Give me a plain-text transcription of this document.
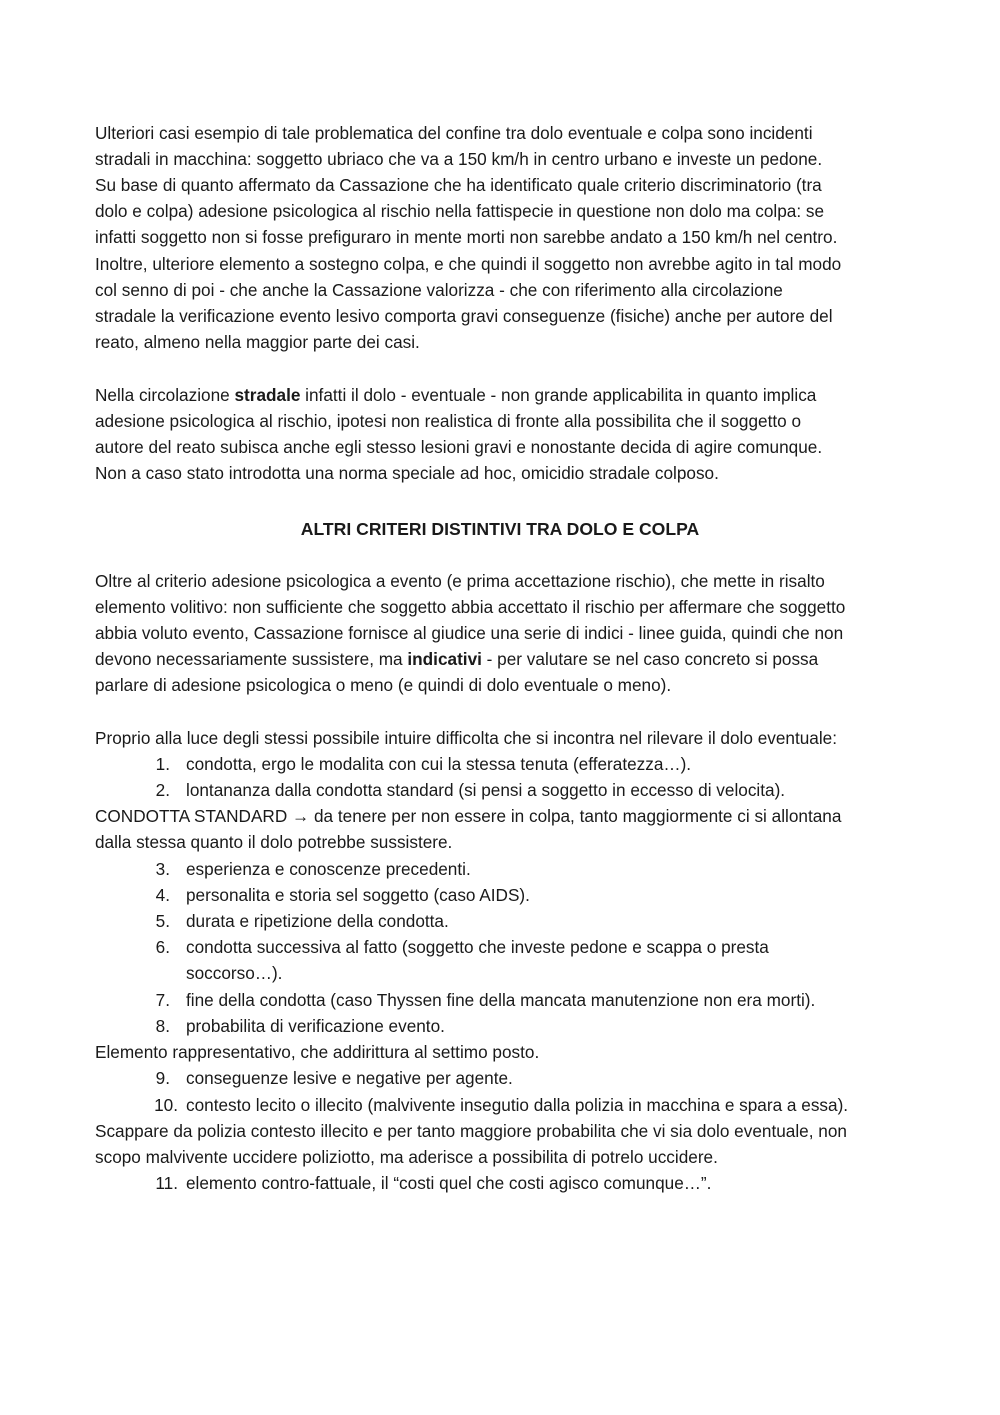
Ulteriori casi esempio di tale problematica del confine tra dolo eventuale e colpa sono incidenti
stradali in macchina: soggetto ubriaco che va a 150 km/h in centro urbano e investe un pedone.
Su base di quanto affermato da Cassazione che ha identificato quale criterio discriminatorio (tra
dolo e colpa) adesione psicologica al rischio nella fattispecie in questione non dolo ma colpa: se
infatti soggetto non si fosse prefiguraro in mente morti non sarebbe andato a 150 km/h nel centro.
Inoltre, ulteriore elemento a sostegno colpa, e che quindi il soggetto non avrebbe agito in tal modo
col senno di poi - che anche la Cassazione valorizza - che con riferimento alla circolazione
stradale la verificazione evento lesivo comporta gravi conseguenze (fisiche) anche per autore del
reato, almeno nella maggior parte dei casi.
Nella circolazione stradale infatti il dolo - eventuale - non grande applicabilita in quanto implica
adesione psicologica al rischio, ipotesi non realistica di fronte alla possibilita che il soggetto o
autore del reato subisca anche egli stesso lesioni gravi e nonostante decida di agire comunque.
Non a caso stato introdotta una norma speciale ad hoc, omicidio stradale colposo.
ALTRI CRITERI DISTINTIVI TRA DOLO E COLPA
Oltre al criterio adesione psicologica a evento (e prima accettazione rischio), che mette in risalto
elemento volitivo: non sufficiente che soggetto abbia accettato il rischio per affermare che soggetto
abbia voluto evento, Cassazione fornisce al giudice una serie di indici - linee guida, quindi che non
devono necessariamente sussistere, ma indicativi - per valutare se nel caso concreto si possa
parlare di adesione psicologica o meno (e quindi di dolo eventuale o meno).
Proprio alla luce degli stessi possibile intuire difficolta che si incontra nel rilevare il dolo eventuale:
1. condotta, ergo le modalita con cui la stessa tenuta (efferatezza…).
2. lontananza dalla condotta standard (si pensi a soggetto in eccesso di velocita).
CONDOTTA STANDARD → da tenere per non essere in colpa, tanto maggiormente ci si allontana
dalla stessa quanto il dolo potrebbe sussistere.
3. esperienza e conoscenze precedenti.
4. personalita e storia sel soggetto (caso AIDS).
5. durata e ripetizione della condotta.
6. condotta successiva al fatto (soggetto che investe pedone e scappa o presta
soccorso…).
7. fine della condotta (caso Thyssen fine della mancata manutenzione non era morti).
8. probabilita di verificazione evento.
Elemento rappresentativo, che addirittura al settimo posto.
9. conseguenze lesive e negative per agente.
10. contesto lecito o illecito (malvivente insegutio dalla polizia in macchina e spara a essa).
Scappare da polizia contesto illecito e per tanto maggiore probabilita che vi sia dolo eventuale, non
scopo malvivente uccidere poliziotto, ma aderisce a possibilita di potrelo uccidere.
11. elemento contro-fattuale, il “costi quel che costi agisco comunque…”.
